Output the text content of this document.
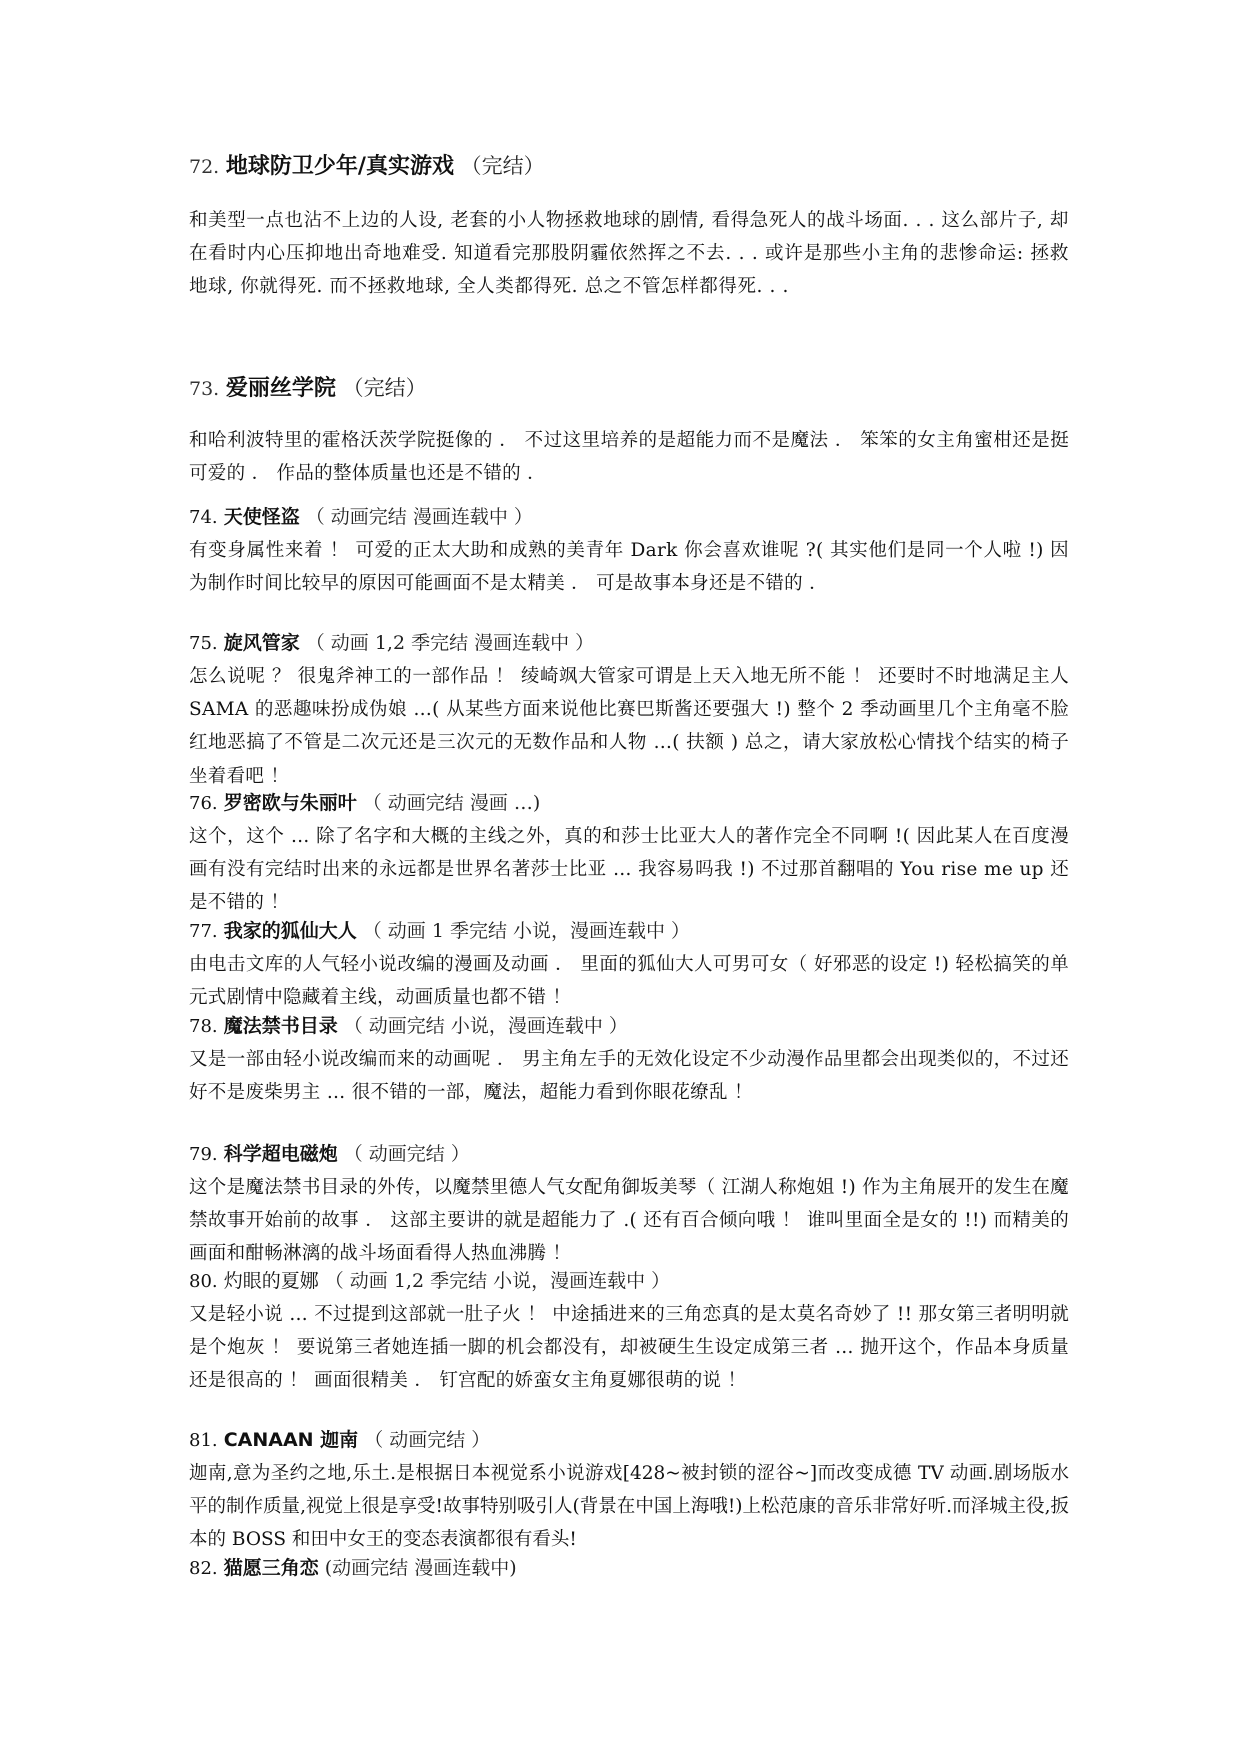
72. 地球防卫少年/真实游戏 （完结）
和美型一点也沾不上边的人设, 老套的小人物拯救地球的剧情, 看得急死人的战斗场面. . . 这么部片子, 却在看时内心压抑地出奇地难受. 知道看完那股阴霾依然挥之不去. . . 或许是那些小主角的悲惨命运: 拯救地球, 你就得死. 而不拯救地球, 全人类都得死. 总之不管怎样都得死. . .
73. 爱丽丝学院 （完结）
和哈利波特里的霍格沃茨学院挺像的 ． 不过这里培养的是超能力而不是魔法 ． 笨笨的女主角蜜柑还是挺可爱的 ． 作品的整体质量也还是不错的 ．
74. 天使怪盗 （ 动画完结 漫画连载中 ）
有变身属性来着 ！ 可爱的正太大助和成熟的美青年 Dark 你会喜欢谁呢 ?( 其实他们是同一个人啦 !) 因为制作时间比较早的原因可能画面不是太精美 ． 可是故事本身还是不错的 ．
75. 旋风管家 （ 动画 1,2 季完结 漫画连载中 ）
怎么说呢 ？ 很鬼斧神工的一部作品 ！ 绫崎飒大管家可谓是上天入地无所不能 ！ 还要时不时地满足主人 SAMA 的恶趣味扮成伪娘 …( 从某些方面来说他比赛巴斯酱还要强大 !) 整个 2 季动画里几个主角毫不脸红地恶搞了不管是二次元还是三次元的无数作品和人物 …( 扶额 ) 总之，请大家放松心情找个结实的椅子坐着看吧 ！
76. 罗密欧与朱丽叶 （ 动画完结 漫画 …)
这个，这个 … 除了名字和大概的主线之外，真的和莎士比亚大人的著作完全不同啊 !( 因此某人在百度漫画有没有完结时出来的永远都是世界名著莎士比亚 … 我容易吗我 !) 不过那首翻唱的 You rise me up 还是不错的 ！
77. 我家的狐仙大人 （ 动画 1 季完结 小说，漫画连载中 ）
由电击文库的人气轻小说改编的漫画及动画 ． 里面的狐仙大人可男可女（ 好邪恶的设定 !) 轻松搞笑的单元式剧情中隐藏着主线，动画质量也都不错 ！
78. 魔法禁书目录 （ 动画完结 小说，漫画连载中 ）
又是一部由轻小说改编而来的动画呢 ． 男主角左手的无效化设定不少动漫作品里都会出现类似的，不过还好不是废柴男主 … 很不错的一部，魔法，超能力看到你眼花缭乱 ！
79. 科学超电磁炮 （ 动画完结 ）
这个是魔法禁书目录的外传，以魔禁里德人气女配角御坂美琴（ 江湖人称炮姐 !) 作为主角展开的发生在魔禁故事开始前的故事 ． 这部主要讲的就是超能力了 .( 还有百合倾向哦 ！ 谁叫里面全是女的 !!) 而精美的画面和酣畅淋漓的战斗场面看得人热血沸腾 ！
80. 灼眼的夏娜 （ 动画 1,2 季完结 小说，漫画连载中 ）
又是轻小说 … 不过提到这部就一肚子火 ！ 中途插进来的三角恋真的是太莫名奇妙了 !! 那女第三者明明就是个炮灰 ！ 要说第三者她连插一脚的机会都没有，却被硬生生设定成第三者 … 抛开这个，作品本身质量还是很高的 ！ 画面很精美 ． 钉宫配的娇蛮女主角夏娜很萌的说 ！
81. CANAAN 迦南 （ 动画完结 ）
迦南,意为圣约之地,乐土.是根据日本视觉系小说游戏[428~被封锁的涩谷~]而改变成德 TV 动画.剧场版水平的制作质量,视觉上很是享受!故事特别吸引人(背景在中国上海哦!)上松范康的音乐非常好听.而泽城主役,扳本的 BOSS 和田中女王的变态表演都很有看头!
82. 猫愿三角恋 (动画完结 漫画连载中)
